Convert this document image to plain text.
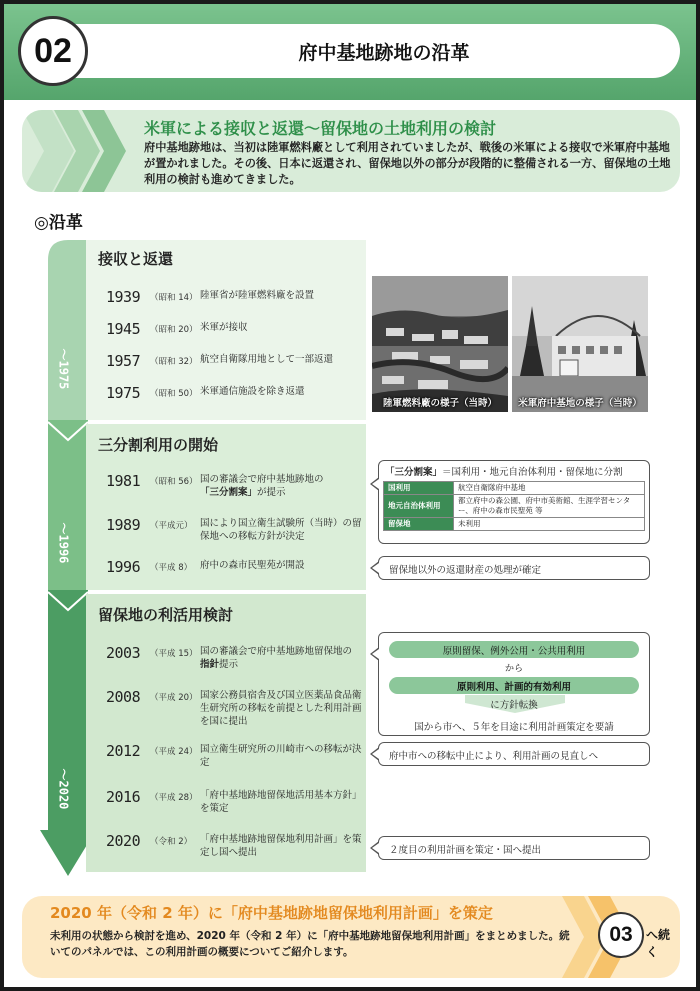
02	府中基地跡地の沿革
米軍による接収と返還〜留保地の土地利用の検討
府中基地跡地は、当初は陸軍燃料廠として利用されていましたが、戦後の米軍による接収で米軍府中基地が置かれました。その後、日本に返還され、留保地以外の部分が段階的に整備される一方、留保地の土地利用の検討も進めてきました。
◎沿革
〜1975
〜1996
〜2020
接収と返還
三分割利用の開始
留保地の利活用検討
1939 （昭和 14） 陸軍省が陸軍燃料廠を設置
1945 （昭和 20） 米軍が接収
1957 （昭和 32） 航空自衛隊用地として一部返還
1975 （昭和 50） 米軍通信施設を除き返還
1981 （昭和 56） 国の審議会で府中基地跡地の
「三分割案」が提示
1989 （平成元） 国により国立衛生試験所（当時）の留保地への移転方針が決定
1996 （平成 8） 府中の森市民聖苑が開設
2003 （平成 15） 国の審議会で府中基地跡地留保地の
指針提示
2008 （平成 20） 国家公務員宿舎及び国立医薬品食品衛生研究所の移転を前提とした利用計画を国に提出
2012 （平成 24） 国立衛生研究所の川崎市への移転が決定
2016 （平成 28） 「府中基地跡地留保地活用基本方針」を策定
2020 （令和 2） 「府中基地跡地留保地利用計画」を策定し国へ提出
陸軍燃料廠の様子（当時）	米軍府中基地の様子（当時）
「三分割案」＝国利用・地元自治体利用・留保地に分割
国利用	航空自衛隊府中基地
地元自治体利用	都立府中の森公園、府中市美術館、生涯学習センター、府中の森市民聖苑 等
留保地	未利用
留保地以外の返還財産の処理が確定
原則留保、例外公用・公共用利用
から
原則利用、計画的有効利用
に方針転換
国から市へ、５年を目途に利用計画策定を要請
府中市への移転中止により、利用計画の見直しへ
２度目の利用計画を策定・国へ提出
2020 年（令和 2 年）に「府中基地跡地留保地利用計画」を策定
未利用の状態から検討を進め、2020 年（令和 2 年）に「府中基地跡地留保地利用計画」をまとめました。続いてのパネルでは、この利用計画の概要についてご紹介します。
03	へ続く
